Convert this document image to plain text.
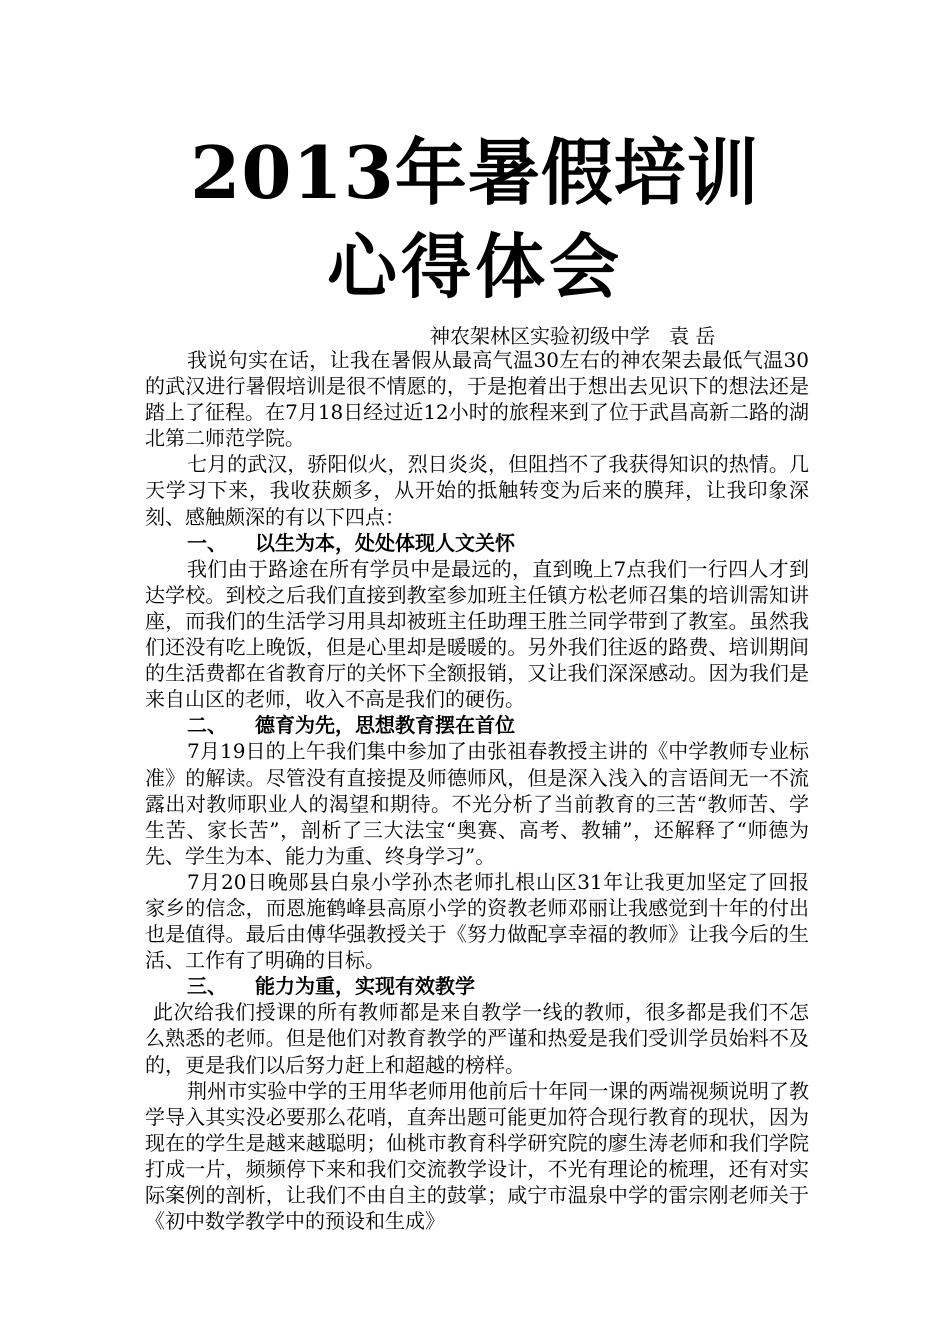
2013年暑假培训
心得体会
神农架林区实验初级中学   袁 岳

我说句实在话，让我在暑假从最高气温30左右的神农架去最低气温30的武汉进行暑假培训是很不情愿的，于是抱着出于想出去见识下的想法还是踏上了征程。在7月18日经过近12小时的旅程来到了位于武昌高新二路的湖北第二师范学院。

七月的武汉，骄阳似火，烈日炎炎，但阻挡不了我获得知识的热情。几天学习下来，我收获颇多，从开始的抵触转变为后来的膜拜，让我印象深刻、感触颇深的有以下四点：

一、 以生为本，处处体现人文关怀

我们由于路途在所有学员中是最远的，直到晚上7点我们一行四人才到达学校。到校之后我们直接到教室参加班主任镇方松老师召集的培训需知讲座，而我们的生活学习用具却被班主任助理王胜兰同学带到了教室。虽然我们还没有吃上晚饭，但是心里却是暖暖的。另外我们往返的路费、培训期间的生活费都在省教育厅的关怀下全额报销，又让我们深深感动。因为我们是来自山区的老师，收入不高是我们的硬伤。

二、 德育为先，思想教育摆在首位

7月19日的上午我们集中参加了由张祖春教授主讲的《中学教师专业标准》的解读。尽管没有直接提及师德师风，但是深入浅入的言语间无一不流露出对教师职业人的渴望和期待。不光分析了当前教育的三苦“教师苦、学生苦、家长苦”，剖析了三大法宝“奥赛、高考、教辅”，还解释了“师德为先、学生为本、能力为重、终身学习”。

7月20日晚郧县白泉小学孙杰老师扎根山区31年让我更加坚定了回报家乡的信念，而恩施鹤峰县高原小学的资教老师邓丽让我感觉到十年的付出也是值得。最后由傅华强教授关于《努力做配享幸福的教师》让我今后的生活、工作有了明确的目标。

三、 能力为重，实现有效教学

此次给我们授课的所有教师都是来自教学一线的教师，很多都是我们不怎么熟悉的老师。但是他们对教育教学的严谨和热爱是我们受训学员始料不及的，更是我们以后努力赶上和超越的榜样。

荆州市实验中学的王用华老师用他前后十年同一课的两端视频说明了教学导入其实没必要那么花哨，直奔出题可能更加符合现行教育的现状，因为现在的学生是越来越聪明；仙桃市教育科学研究院的廖生涛老师和我们学院打成一片，频频停下来和我们交流教学设计，不光有理论的梳理，还有对实际案例的剖析，让我们不由自主的鼓掌；咸宁市温泉中学的雷宗刚老师关于《初中数学教学中的预设和生成》
